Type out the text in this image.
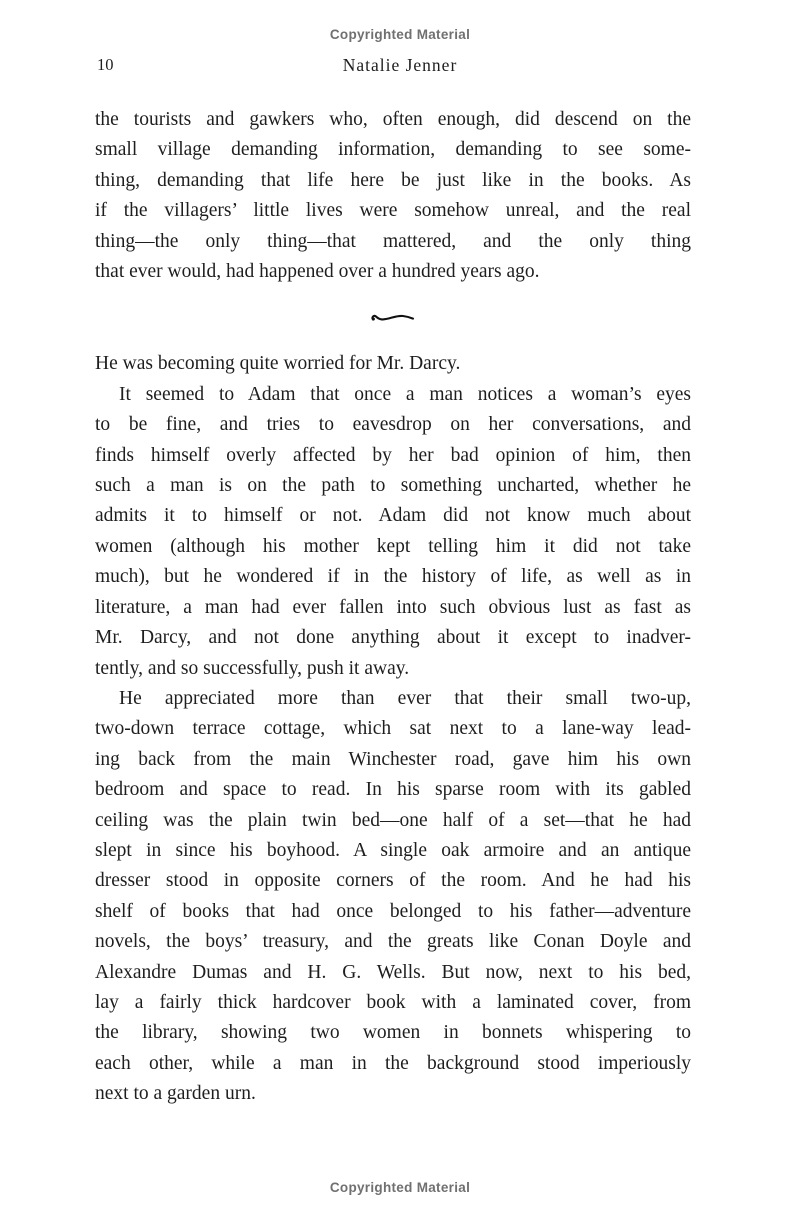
Copyrighted Material
10	Natalie Jenner
the tourists and gawkers who, often enough, did descend on the
small village demanding information, demanding to see some-
thing, demanding that life here be just like in the books. As
if the villagers’ little lives were somehow unreal, and the real
thing—the only thing—that mattered, and the only thing
that ever would, had happened over a hundred years ago.
He was becoming quite worried for Mr. Darcy.
It seemed to Adam that once a man notices a woman’s eyes
to be fine, and tries to eavesdrop on her conversations, and
finds himself overly affected by her bad opinion of him, then
such a man is on the path to something uncharted, whether he
admits it to himself or not. Adam did not know much about
women (although his mother kept telling him it did not take
much), but he wondered if in the history of life, as well as in
literature, a man had ever fallen into such obvious lust as fast as
Mr. Darcy, and not done anything about it except to inadver-
tently, and so successfully, push it away.
He appreciated more than ever that their small two-up,
two-down terrace cottage, which sat next to a lane-way lead-
ing back from the main Winchester road, gave him his own
bedroom and space to read. In his sparse room with its gabled
ceiling was the plain twin bed—one half of a set—that he had
slept in since his boyhood. A single oak armoire and an antique
dresser stood in opposite corners of the room. And he had his
shelf of books that had once belonged to his father—adventure
novels, the boys’ treasury, and the greats like Conan Doyle and
Alexandre Dumas and H. G. Wells. But now, next to his bed,
lay a fairly thick hardcover book with a laminated cover, from
the library, showing two women in bonnets whispering to
each other, while a man in the background stood imperiously
next to a garden urn.
Copyrighted Material
